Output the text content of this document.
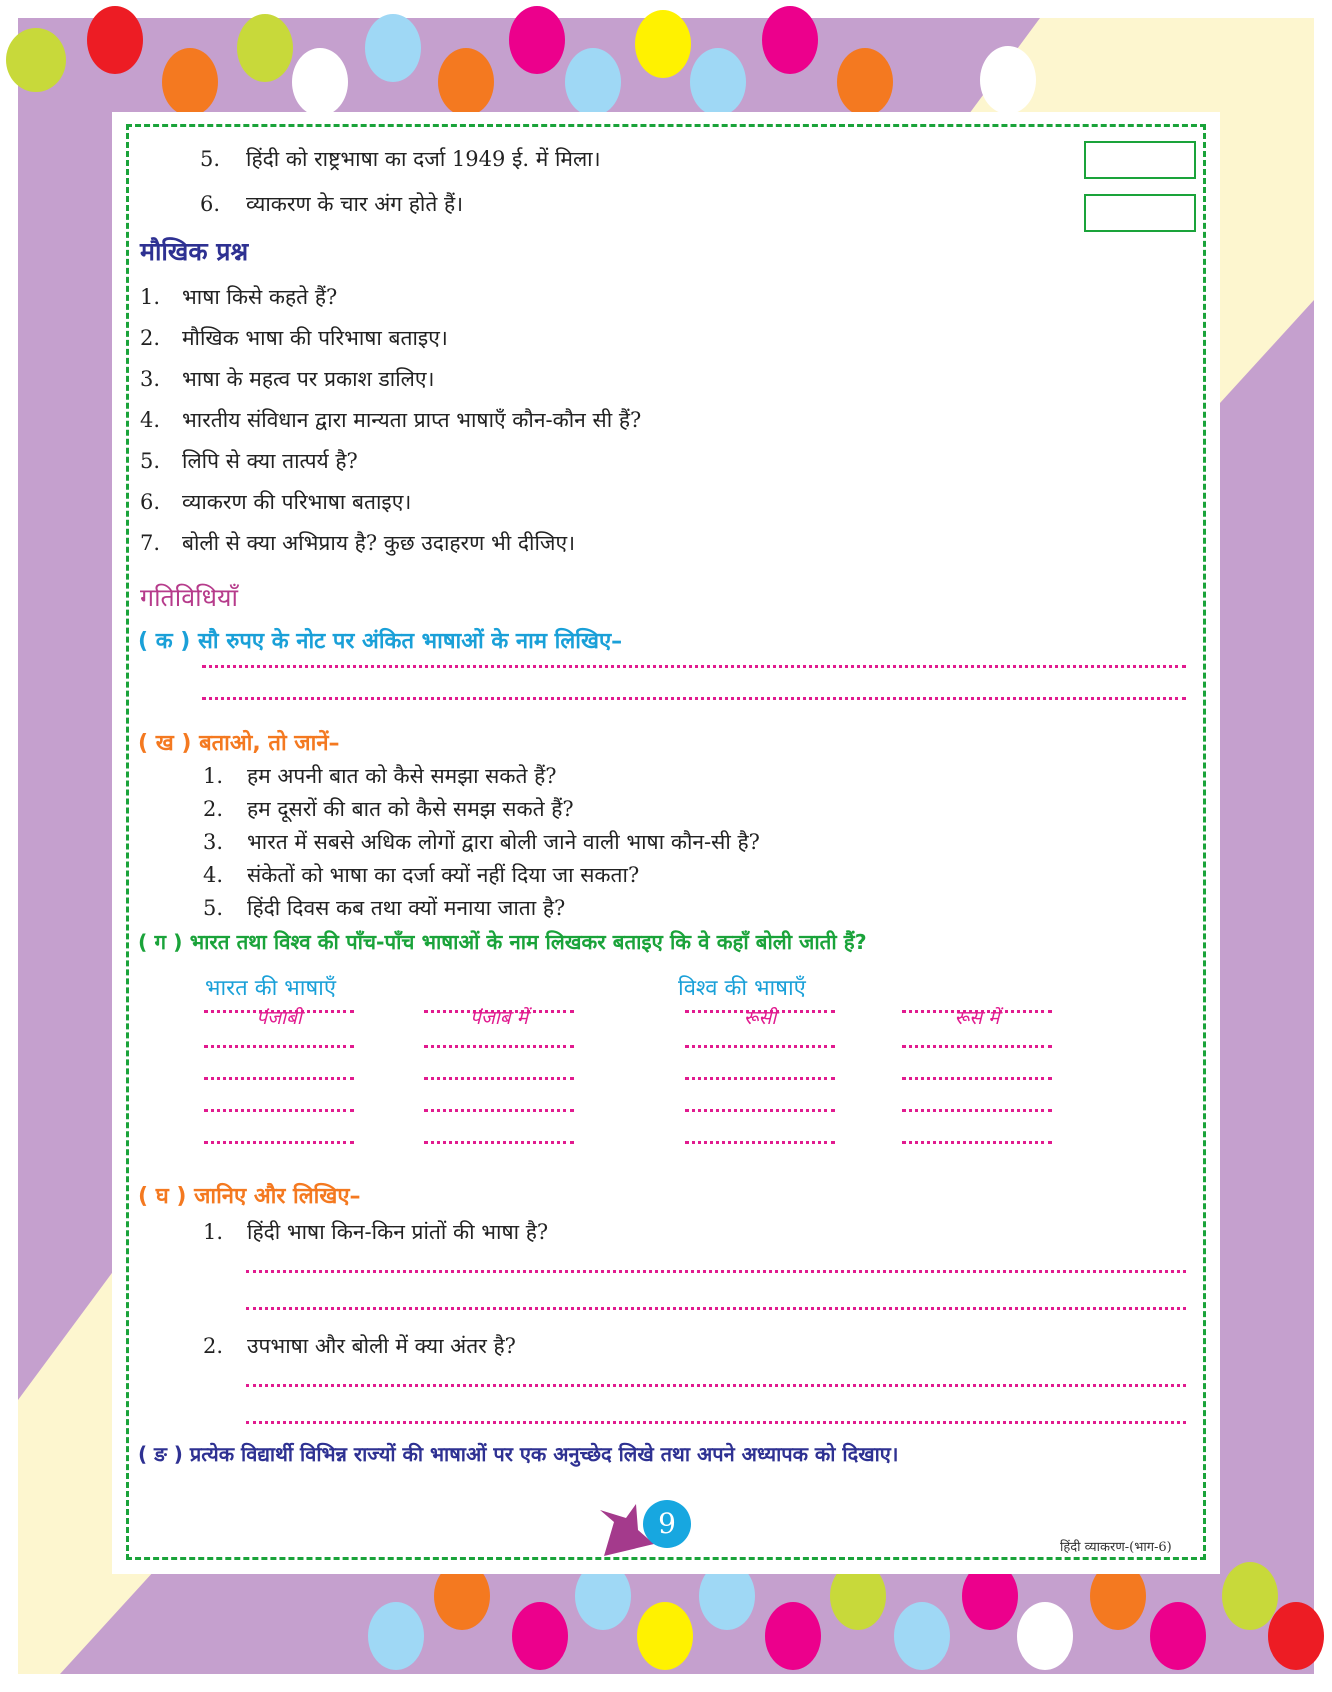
5. हिंदी को राष्ट्रभाषा का दर्जा 1949 ई. में मिला।
6. व्याकरण के चार अंग होते हैं।
मौखिक प्रश्न
1. भाषा किसे कहते हैं?
2. मौखिक भाषा की परिभाषा बताइए।
3. भाषा के महत्व पर प्रकाश डालिए।
4. भारतीय संविधान द्वारा मान्यता प्राप्त भाषाएँ कौन-कौन सी हैं?
5. लिपि से क्या तात्पर्य है?
6. व्याकरण की परिभाषा बताइए।
7. बोली से क्या अभिप्राय है? कुछ उदाहरण भी दीजिए।
गतिविधियाँ
( क ) सौ रुपए के नोट पर अंकित भाषाओं के नाम लिखिए–
( ख ) बताओ, तो जानें–
1. हम अपनी बात को कैसे समझा सकते हैं?
2. हम दूसरों की बात को कैसे समझ सकते हैं?
3. भारत में सबसे अधिक लोगों द्वारा बोली जाने वाली भाषा कौन-सी है?
4. संकेतों को भाषा का दर्जा क्यों नहीं दिया जा सकता?
5. हिंदी दिवस कब तथा क्यों मनाया जाता है?
( ग ) भारत तथा विश्व की पाँच-पाँच भाषाओं के नाम लिखकर बताइए कि वे कहाँ बोली जाती हैं?
भारत की भाषाएँ	विश्व की भाषाएँ
पंजाबी	पंजाब में	रूसी	रूस में
( घ ) जानिए और लिखिए–
1. हिंदी भाषा किन-किन प्रांतों की भाषा है?
2. उपभाषा और बोली में क्या अंतर है?
( ङ ) प्रत्येक विद्यार्थी विभिन्न राज्यों की भाषाओं पर एक अनुच्छेद लिखे तथा अपने अध्यापक को दिखाए।
9
हिंदी व्याकरण-(भाग-6)
